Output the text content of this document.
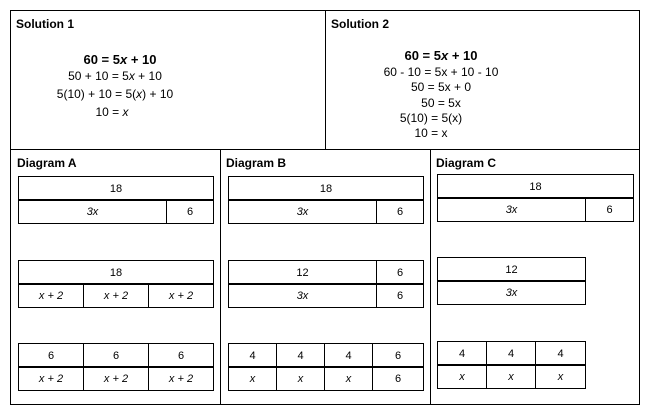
Solution 1	Solution 2
60 = 5x + 10
50 + 10 = 5x + 10
5(10) + 10 = 5(x) + 10
10 = x
60 = 5x + 10
60 - 10 = 5x + 10 - 10
50 = 5x + 0
50 = 5x
5(10) = 5(x)
10 = x
Diagram A	Diagram B	Diagram C
18
3x	6
18
x + 2	x + 2	x + 2
6	6	6
x + 2	x + 2	x + 2
18
3x	6
12	6
3x	6
4	4	4	6
x	x	x	6
18
3x	6
12
3x
4	4	4
x	x	x
